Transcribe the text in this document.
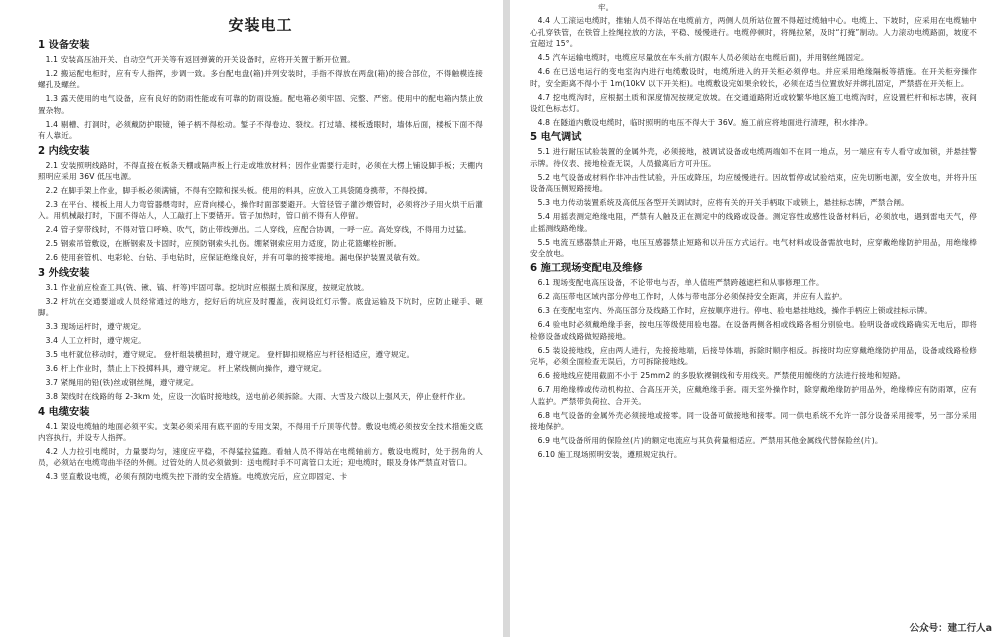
安装电工
1 设备安装
1.1 安装高压油开关、自动空气开关等有返回弹簧的开关设备时，应将开关置于断开位置。
1.2 搬运配电柜时，应有专人指挥，步调一致。多台配电盘(箱)并列安装时，手指不得放在两盘(箱)的接合部位，不得触模连接螺孔及螺丝。
1.3 露天使用的电气设备，应有良好的防雨性能或有可靠的防雨设施。配电箱必须牢固、完整、严密。使用中的配电箱内禁止放置杂物。
1.4 剔槽、打洞时，必须戴防护眼镜，锤子柄不得松动。錾子不得卷边、裂纹。打过墙、楼板透眼时，墙体后面，楼板下面不得有人靠近。
2 内线安装
2.1 安装照明线路时，不得直接在板条天棚或隔声板上行走或堆放材料；因作业需要行走时，必须在大楞上铺设脚手板；天棚内照明应采用 36V 低压电源。
2.2 在脚手架上作业，脚手板必须满铺，不得有空隙和探头板。使用的料具，应放入工具袋随身携带，不得投掷。
2.3 在平台、楼板上用人力弯管器煨弯时，应背向楼心，操作时面部要避开。大管径管子灌沙煨管时，必须将沙子用火烘干后灌入。用机械敲打时，下面不得站人，人工敲打上下要错开。管子加热时，管口前不得有人停留。
2.4 管子穿带线时，不得对管口呼唤、吹气，防止带线弹出。二人穿线，应配合协调，一呼一应。高处穿线，不得用力过猛。
2.5 钢索吊管敷设，在断钢索及卡固时，应预防钢索头扎伤。绷紧钢索应用力适度，防止花篮螺栓折断。
2.6 使用套管机、电彩轮、台钻、手电钻时，应保证绝缘良好，并有可靠的接零接地。漏电保护装置灵敏有效。
3 外线安装
3.1 作业前应检查工具(铣、锹、镐、杆等)牢固可靠。挖坑时应根据土质和深度，按规定放坡。
3.2 杆坑在交通要道或人员经常通过的地方，挖好后的坑应及时覆盖，夜间设红灯示警。底盘运输及下坑时，应防止碰手、砸脚。
3.3 现场运杆时，遵守规定。
3.4 人工立杆时，遵守规定。
3.5 电杆就位移动时，遵守规定。 登杆组装横担时，遵守规定。 登杆脚扣规格应与杆径相适应，遵守规定。
3.6 杆上作业时，禁止上下投掷料具，遵守规定。 杆上紧线侧向操作，遵守规定。
3.7 紧绳用的铅(铁)丝或钢丝绳，遵守规定。
3.8 架线时在线路的每 2-3km 处，应设一次临时接地线，送电前必须拆除。大雨、大雪及六级以上强风天，停止登杆作业。
4 电缆安装
4.1 架设电缆轴的地面必须平实。支架必须采用有底平面的专用支架，不得用千斤顶等代替。敷设电缆必须按安全技术措施交底内容执行，并设专人指挥。
4.2 人力拉引电缆时，力量要均匀，速度应平稳，不得猛拉猛跑。看轴人员不得站在电缆轴前方。敷设电缆时，处于拐角的人员，必须站在电缆弯曲半径的外侧。过管处的人员必须做到：送电缆时手不可离管口太近；迎电缆时，眼及身体严禁直对管口。
4.3 竖直敷设电缆，必须有预防电缆失控下滑的安全措施。电缆放完后，应立即固定、卡
牢。
4.4 人工滚运电缆时，推轴人员不得站在电缆前方，两侧人员所站位置不得超过缆轴中心。电缆上、下坡时，应采用在电缆轴中心孔穿铁管，在铁管上拴绳拉放的方法，平稳、缓慢进行。电缆停顿时，将绳拉紧，及时“打掩”制动。人力滚动电缆路面，坡度不宜超过 15°。
4.5 汽车运输电缆时，电缆应尽量放在车头前方(跟车人员必须站在电缆后面)，并用钢丝绳固定。
4.6 在已送电运行的变电室沟内进行电缆敷设时，电缆所进入的开关柜必须停电。并应采用绝缘隔板等措施。在开关柜旁操作时，安全距离不得小于 1m(10kV 以下开关柜)。电缆敷设完如果余较长，必须在适当位置放好并绑扎固定，严禁搭在开关柜上。
4.7 挖电缆沟时，应根据土质和深度情况按规定放坡。在交通道路附近或较繁华地区施工电缆沟时，应设置栏杆和标志牌，夜间设红色标志灯。
4.8 在隧道内敷设电缆时，临时照明的电压不得大于 36V。施工前应将地面进行清理，积水排净。
5 电气调试
5.1 进行耐压试验装置的金属外壳，必须接地，被调试设备或电缆两端如不在同一地点，另一端应有专人看守或加锁，并悬挂警示牌。待仪表、接地检查无误，人员撤离后方可升压。
5.2 电气设备或材料作非冲击性试验，升压或降压，均应缓慢进行。因故暂停或试验结束，应先切断电源，安全放电，并将升压设备高压侧短路接地。
5.3 电力传动装置系统及高低压各型开关调试时，应将有关的开关手柄取下或锁上，悬挂标志牌，严禁合闸。
5.4 用摇表测定绝缘电阻，严禁有人触及正在测定中的线路或设备。测定容性或感性设备材料后，必须放电，遇到雷电天气，停止摇测线路绝缘。
5.5 电流互感器禁止开路，电压互感器禁止短路和以升压方式运行。电气材料或设备需放电时，应穿戴绝缘防护用品，用绝缘棒安全放电。
6 施工现场变配电及维修
6.1 现场变配电高压设备，不论带电与否，单人值班严禁跨越遮栏和从事修理工作。
6.2 高压带电区域内部分停电工作时，人体与带电部分必须保持安全距离，并应有人监护。
6.3 在变配电室内、外高压部分及线路工作时，应按顺序进行。停电、验电悬挂地线，操作手柄应上锁或挂标示牌。
6.4 验电时必须戴绝缘手套，按电压等级使用验电器。在设备两侧各相或线路各相分别验电。验明设备或线路确实无电后，即将检修设备或线路做短路接地。
6.5 装设接地线，应由两人进行，先接接地端，后接导体端，拆除时顺序相反。拆接时均应穿戴绝缘防护用品，设备或线路检修完毕，必须全面检查无误后，方可拆除接地线。
6.6 接地线应使用截面不小于 25mm2 的多股软裸铜线和专用线夹。严禁使用缠绕的方法进行接地和短路。
6.7 用绝缘棒或传动机构拉、合高压开关，应戴绝缘手套。雨天室外操作时，除穿戴绝缘防护用品外，绝缘棒应有防雨罩，应有人监护。严禁带负荷拉、合开关。
6.8 电气设备的金属外壳必须接地或接零。同一设备可做接地和接零。同一供电系统不允许一部分设备采用接零，另一部分采用接地保护。
6.9 电气设备所用的保险丝(片)的额定电流应与其负荷量相适应。严禁用其他金属线代替保险丝(片)。
6.10 施工现场照明安装，遵照规定执行。
公众号：建工行人a
